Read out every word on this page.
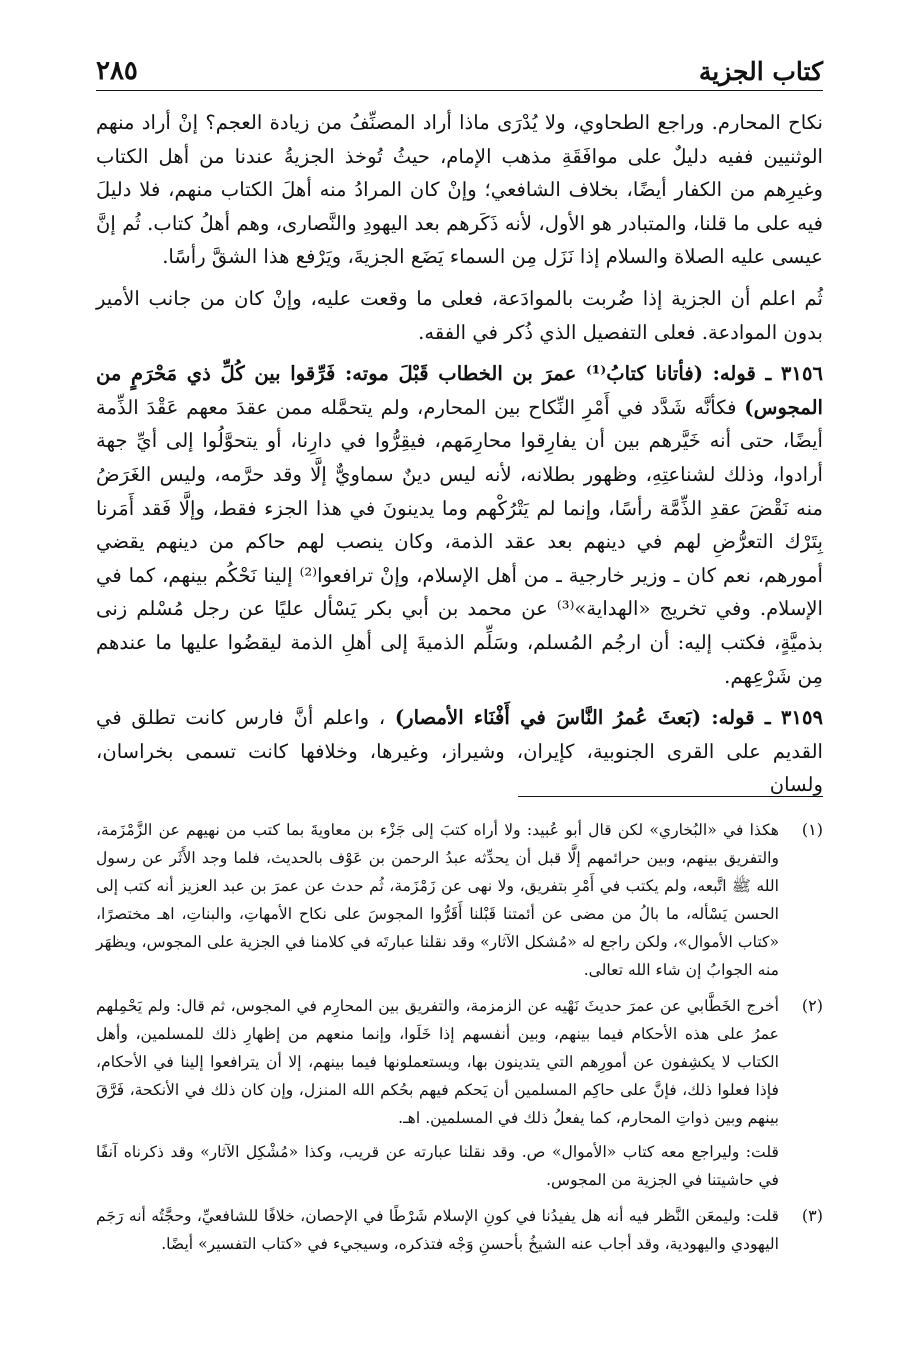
كتاب الجزية
٢٨٥

نكاح المحارم. وراجع الطحاوي، ولا يُدْرَى ماذا أراد المصنِّفُ من زيادة العجم؟ إنْ أراد منهم الوثنيين ففيه دليلٌ على موافَقَةِ مذهب الإمام، حيثُ تُوخذ الجزيةُ عندنا من أهل الكتاب وغيرِهم من الكفار أيضًا، بخلاف الشافعي؛ وإنْ كان المرادُ منه أهلَ الكتاب منهم، فلا دليلَ فيه على ما قلنا، والمتبادر هو الأول، لأنه ذَكَرهم بعد اليهودِ والنَّصارى، وهم أهلُ كتاب. ثُم إنَّ عيسى عليه الصلاة والسلام إذا نَزَل مِن السماء يَضَع الجزيةَ، ويَرْفع هذا الشقَّ رأسًا.

ثُم اعلم أن الجزية إذا ضُربت بالموادَعة، فعلى ما وقعت عليه، وإنْ كان من جانب الأمير بدون الموادعة. فعلى التفصيل الذي ذُكر في الفقه.

٣١٥٦ ـ قوله: (فأتانا كتابُ⁽¹⁾ عمرَ بن الخطاب قَبْلَ موته: فَرِّقوا بين كُلِّ ذي مَحْرَمٍ من المجوس) فكأنَّه شَدَّد في أَمْرِ النِّكاح بين المحارم، ولم يتحمَّله ممن عقدَ معهم عَقْدَ الذِّمة أيضًا، حتى أنه خَيَّرهم بين أن يفارِقوا محارِمَهم، فيقِرُّوا في دارِنا، أو يتحوَّلُوا إلى أيِّ جهة أرادوا، وذلك لشناعتِهِ، وظهور بطلانه، لأنه ليس دينٌ سماويٌّ إلَّا وقد حرَّمه، وليس الغَرَضُ منه نَقْضَ عقدِ الذِّمَّة رأسًا، وإنما لم يَتْرُكْهم وما يدينونَ في هذا الجزء فقط، وإلَّا فَقد أَمَرنا بِتَرْك التعرُّضِ لهم في دينهم بعد عقد الذمة، وكان ينصب لهم حاكم من دينهم يقضي أمورهم، نعم كان ـ وزير خارجية ـ من أهل الإسلام، وإنْ ترافعوا⁽²⁾ إلينا نَحْكُم بينهم، كما في الإسلام. وفي تخريج «الهداية»⁽³⁾ عن محمد بن أبي بكر يَسْأل عليًا عن رجل مُسْلم زنى بذميَّةٍ، فكتب إليه: أن ارجُم المُسلم، وسَلِّم الذميةَ إلى أهلِ الذمة ليقضُوا عليها ما عندهم مِن شَرْعِهم.

٣١٥٩ ـ قوله: (بَعثَ عُمرُ النَّاسَ في أَفْنَاء الأمصار) ، واعلم أنَّ فارس كانت تطلق في القديم على القرى الجنوبية، كإيران، وشيراز، وغيرها، وخلافها كانت تسمى بخراسان، ولسان

(١)
هكذا في «البُخاري» لكن قال أبو عُبيد: ولا أراه كتبَ إلى جَزْء بن معاويةَ بما كتب من نهيهم عن الزَّمْزَمة، والتفريق بينهم، وبين حرائمهم إلَّا قبل أن يحدِّثه عبدُ الرحمن بن عَوْف بالحديث، فلما وجد الأَثَر عن رسول الله ﷺ اتَّبعه، ولم يكتب في أَمْرِ بتفريق، ولا نهى عن زَمْزَمة، ثُم حدث عن عمرَ بن عبد العزيز أنه كتب إلى الحسن يَسْأله، ما بالُ من مضى عن أئمتنا قَبْلنا أَقَرُّوا المجوسَ على نكاح الأمهاتِ، والبناتِ، اهـ مختصرًا، «كتاب الأموال»، ولكن راجع له «مُشكل الآثار» وقد نقلنا عبارتَه في كلامنا في الجزية على المجوس، ويظهَر منه الجوابُ إن شاء الله تعالى.
(٢)
أخرج الخَطَّابي عن عمرَ حديثَ نَهْيه عن الزمزمة، والتفريق بين المحارِم في المجوس، ثم قال: ولم يَحْمِلهم عمرُ على هذه الأحكام فيما بينهم، وبين أنفسهم إذا خَلَوا، وإنما منعهم من إظهارِ ذلك للمسلمين، وأهل الكتاب لا يكشِفون عن أمورِهم التي يتدينون بها، ويستعملونها فيما بينهم، إلا أن يترافعوا إلينا في الأحكام، فإذا فعلوا ذلك، فإنَّ على حاكِم المسلمين أن يَحكم فيهم بحُكم الله المنزل، وإن كان ذلك في الأنكحة، فَرَّقَ بينهم وبين ذواتِ المحارم، كما يفعلُ ذلك في المسلمين. اهـ.
قلت: وليراجع معه كتاب «الأموال» ص. وقد نقلنا عبارته عن قريب، وكذا «مُشْكِل الآثار» وقد ذكرناه آنفًا في حاشيتنا في الجزية من المجوس.
(٣)
قلت: وليمعَن النَّظر فيه أنه هل يفيدُنا في كونِ الإسلام شَرْطًا في الإحصان، خلافًا للشافعيِّ، وحجَّتُه أنه رَجَم اليهودي واليهودية، وقد أجاب عنه الشيخُ بأحسنِ وَجْه فتذكره، وسيجيء في «كتاب التفسير» أيضًا.
